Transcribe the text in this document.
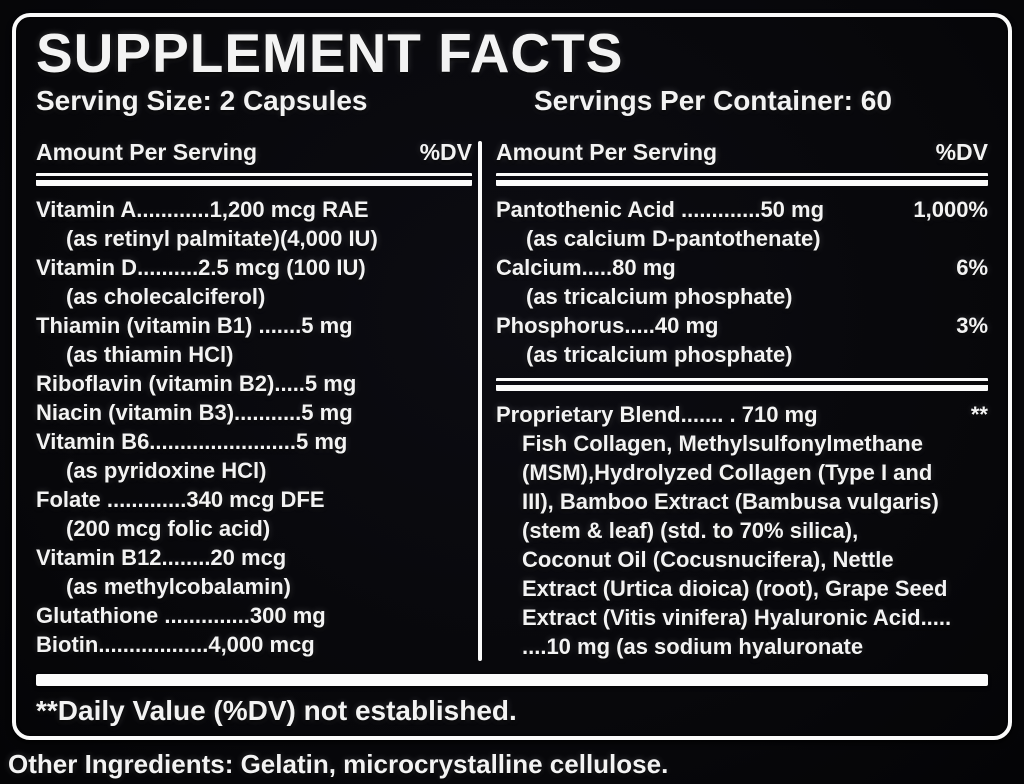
SUPPLEMENT FACTS
Serving Size: 2 Capsules	Servings Per Container: 60
Amount Per Serving	%DV
Vitamin A............1,200 mcg RAE
(as retinyl palmitate)(4,000 IU)
Vitamin D..........2.5 mcg (100 IU)
(as cholecalciferol)
Thiamin (vitamin B1) .......5 mg
(as thiamin HCl)
Riboflavin (vitamin B2).....5 mg
Niacin (vitamin B3)...........5 mg
Vitamin B6........................5 mg
(as pyridoxine HCl)
Folate .............340 mcg DFE
(200 mcg folic acid)
Vitamin B12........20 mcg
(as methylcobalamin)
Glutathione ..............300 mg
Biotin..................4,000 mcg
Amount Per Serving	%DV
Pantothenic Acid .............50 mg	1,000%
(as calcium D-pantothenate)
Calcium.....80 mg	6%
(as tricalcium phosphate)
Phosphorus.....40 mg	3%
(as tricalcium phosphate)
Proprietary Blend....... . 710 mg	**
Fish Collagen, Methylsulfonylmethane
(MSM),Hydrolyzed Collagen (Type I and
III), Bamboo Extract (Bambusa vulgaris)
(stem & leaf) (std. to 70% silica),
Coconut Oil (Cocusnucifera), Nettle
Extract (Urtica dioica) (root), Grape Seed
Extract (Vitis vinifera) Hyaluronic Acid.....
....10 mg (as sodium hyaluronate
**Daily Value (%DV) not established.
Other Ingredients: Gelatin, microcrystalline cellulose.
